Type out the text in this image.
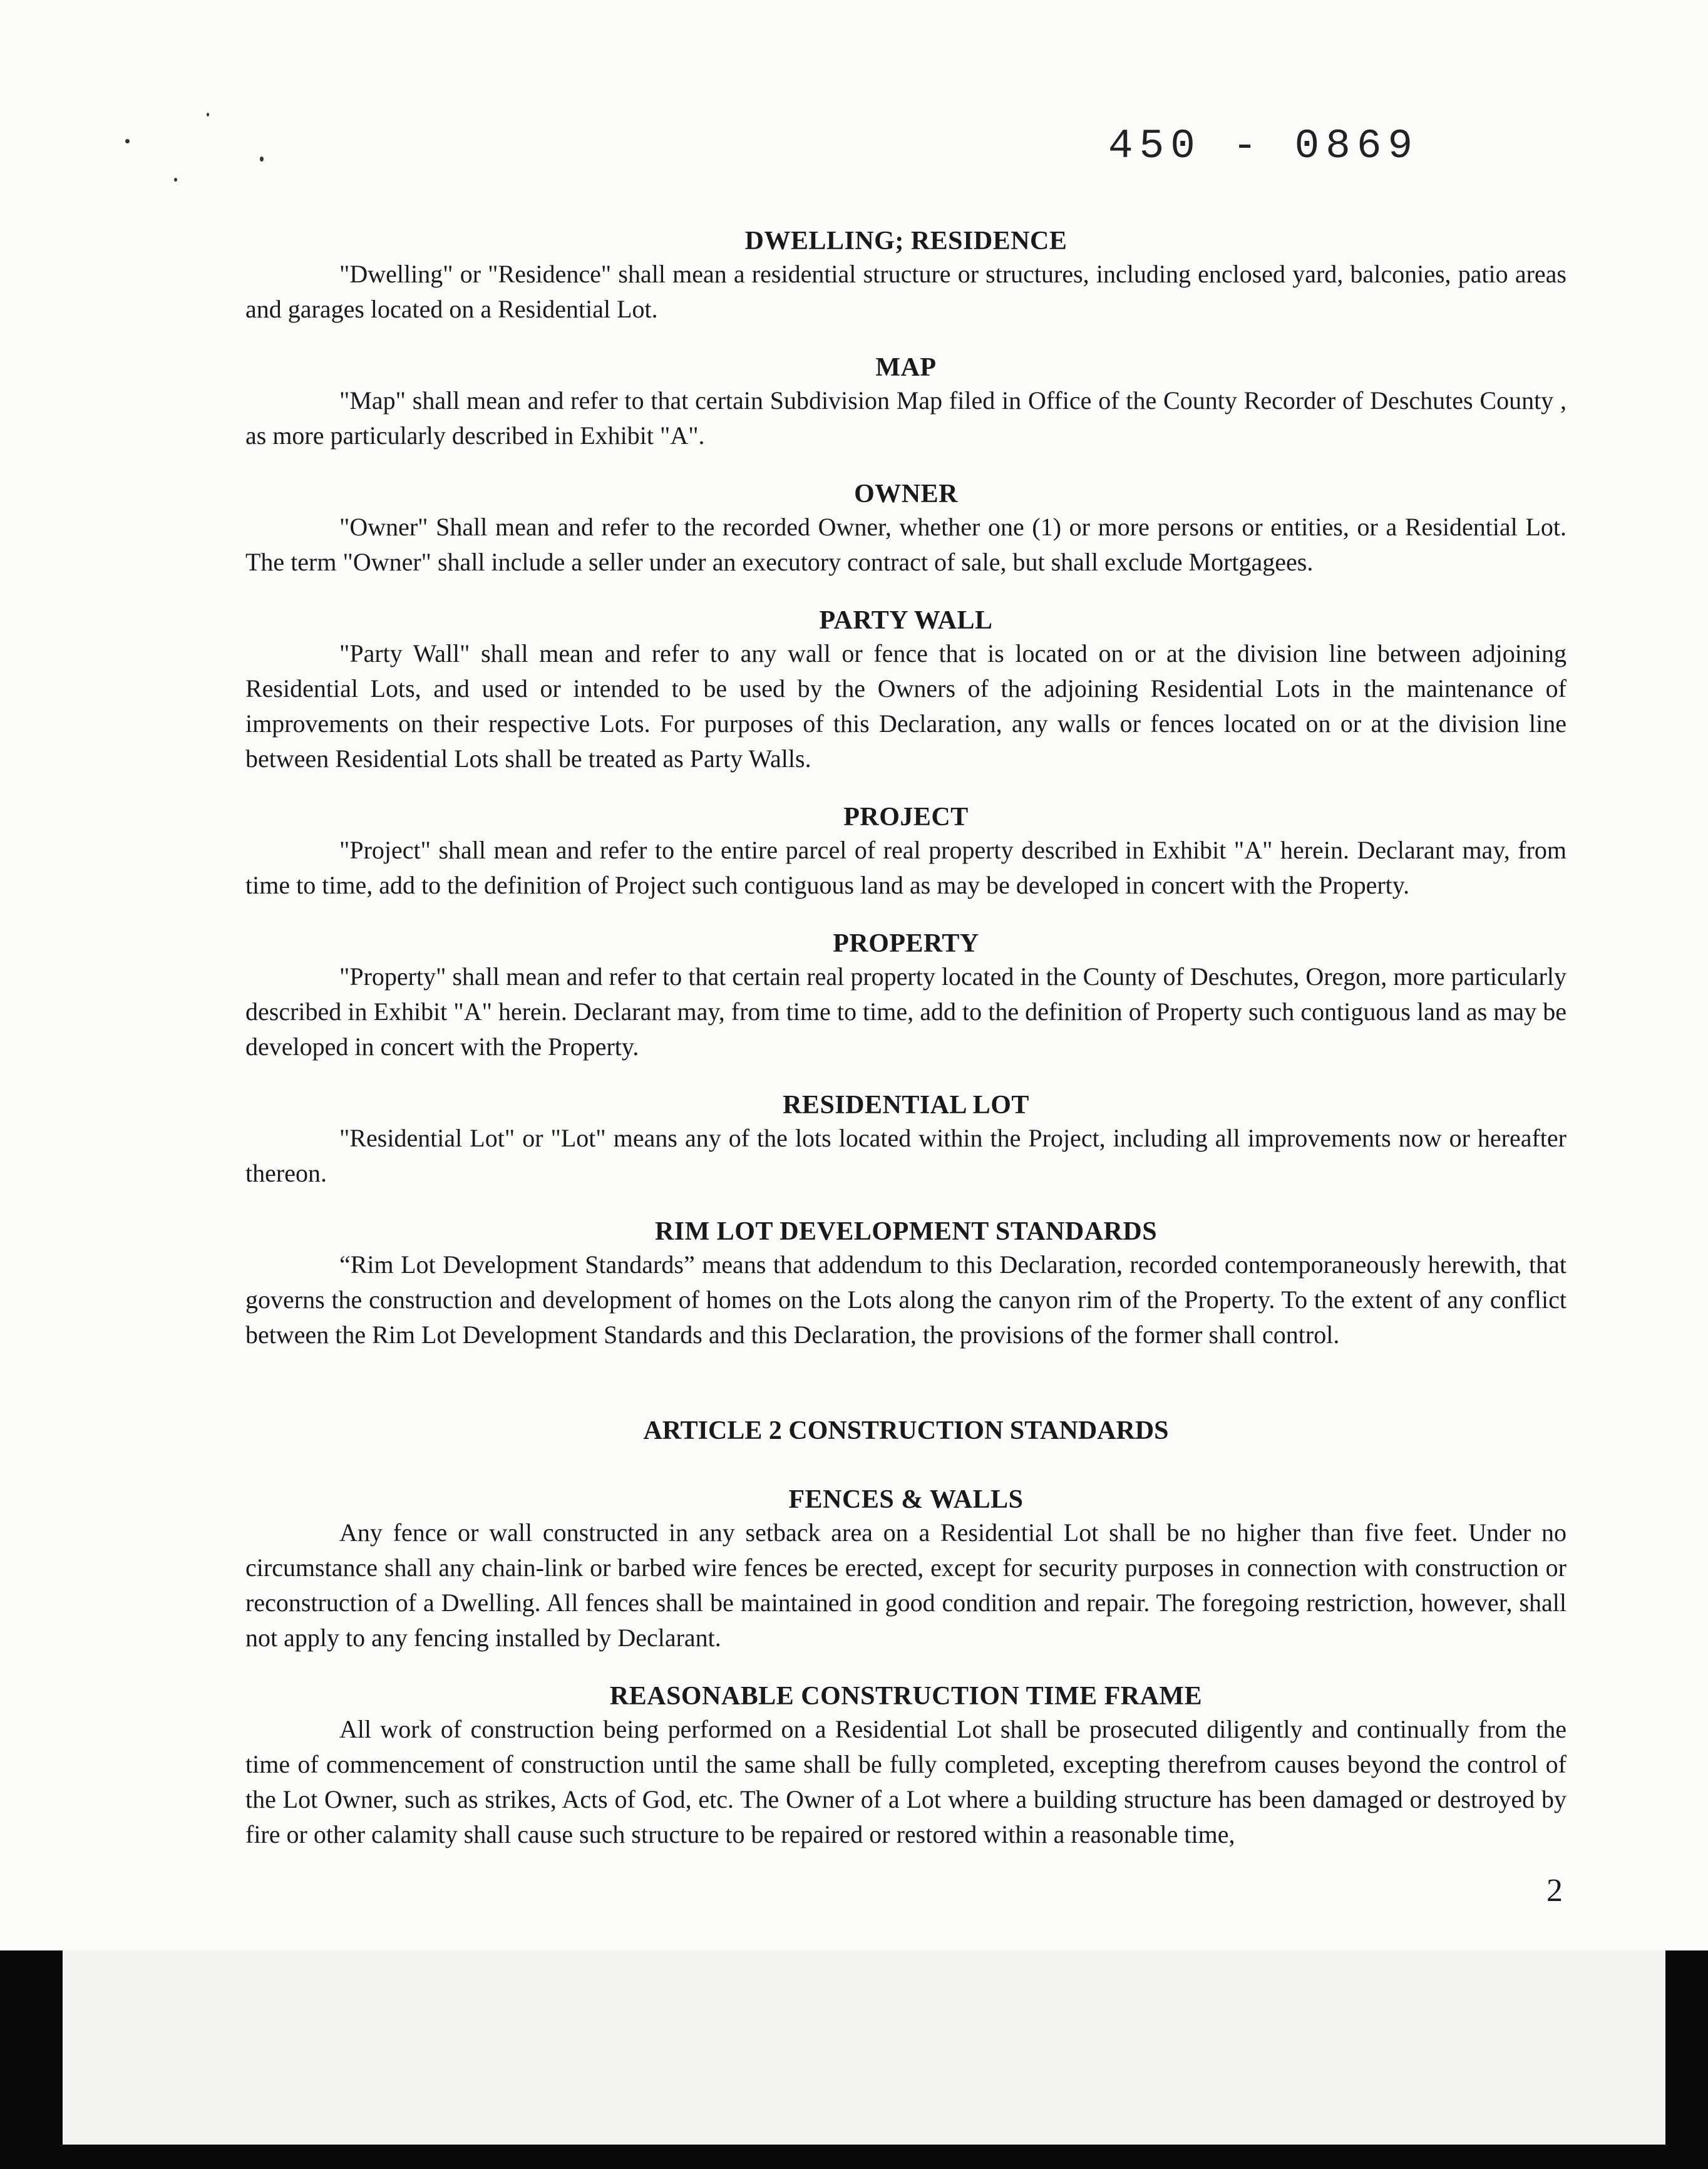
450 - 0869
DWELLING; RESIDENCE

"Dwelling" or "Residence" shall mean a residential structure or structures, including enclosed yard, balconies, patio areas and garages located on a Residential Lot.

MAP

"Map" shall mean and refer to that certain Subdivision Map filed in Office of the County Recorder of Deschutes County , as more particularly described in Exhibit "A".

OWNER

"Owner" Shall mean and refer to the recorded Owner, whether one (1) or more persons or entities, or a Residential Lot. The term "Owner" shall include a seller under an executory contract of sale, but shall exclude Mortgagees.

PARTY WALL

"Party Wall" shall mean and refer to any wall or fence that is located on or at the division line between adjoining Residential Lots, and used or intended to be used by the Owners of the adjoining Residential Lots in the maintenance of improvements on their respective Lots. For purposes of this Declaration, any walls or fences located on or at the division line between Residential Lots shall be treated as Party Walls.

PROJECT

"Project" shall mean and refer to the entire parcel of real property described in Exhibit "A" herein. Declarant may, from time to time, add to the definition of Project such contiguous land as may be developed in concert with the Property.

PROPERTY

"Property" shall mean and refer to that certain real property located in the County of Deschutes, Oregon, more particularly described in Exhibit "A" herein. Declarant may, from time to time, add to the definition of Property such contiguous land as may be developed in concert with the Property.

RESIDENTIAL LOT

"Residential Lot" or "Lot" means any of the lots located within the Project, including all improvements now or hereafter thereon.

RIM LOT DEVELOPMENT STANDARDS

“Rim Lot Development Standards” means that addendum to this Declaration, recorded contemporaneously herewith, that governs the construction and development of homes on the Lots along the canyon rim of the Property. To the extent of any conflict between the Rim Lot Development Standards and this Declaration, the provisions of the former shall control.

ARTICLE 2 CONSTRUCTION STANDARDS
FENCES & WALLS

Any fence or wall constructed in any setback area on a Residential Lot shall be no higher than five feet. Under no circumstance shall any chain-link or barbed wire fences be erected, except for security purposes in connection with construction or reconstruction of a Dwelling. All fences shall be maintained in good condition and repair. The foregoing restriction, however, shall not apply to any fencing installed by Declarant.

REASONABLE CONSTRUCTION TIME FRAME

All work of construction being performed on a Residential Lot shall be prosecuted diligently and continually from the time of commencement of construction until the same shall be fully completed, excepting therefrom causes beyond the control of the Lot Owner, such as strikes, Acts of God, etc. The Owner of a Lot where a building structure has been damaged or destroyed by fire or other calamity shall cause such structure to be repaired or restored within a reasonable time,

2
